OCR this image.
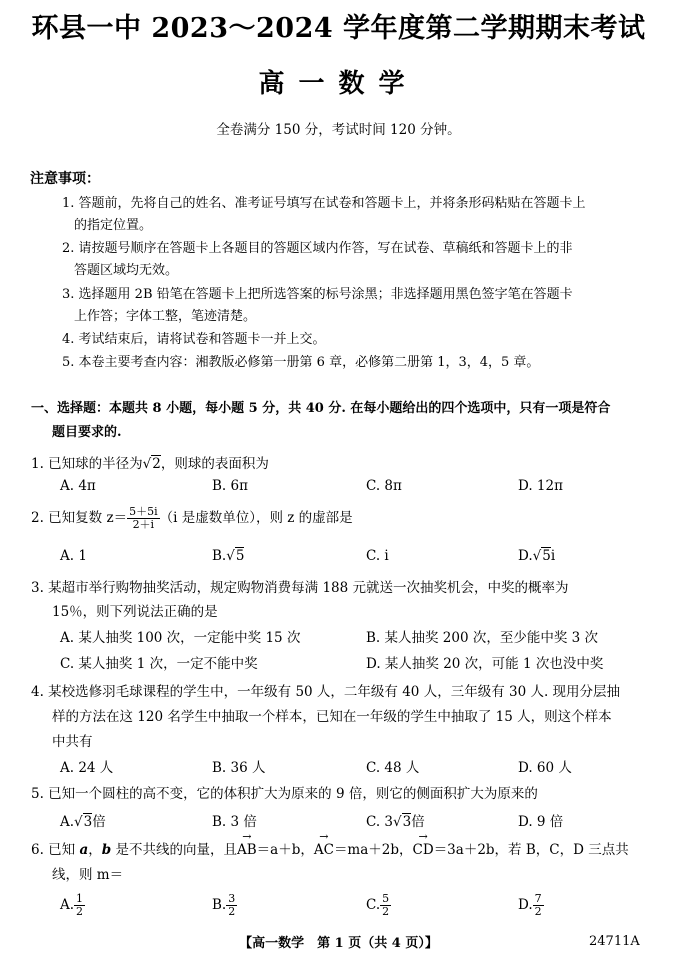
环县一中 2023～2024 学年度第二学期期末考试
高一数学
全卷满分 150 分，考试时间 120 分钟。
注意事项：
1. 答题前，先将自己的姓名、准考证号填写在试卷和答题卡上，并将条形码粘贴在答题卡上
的指定位置。
2. 请按题号顺序在答题卡上各题目的答题区域内作答，写在试卷、草稿纸和答题卡上的非
答题区域均无效。
3. 选择题用 2B 铅笔在答题卡上把所选答案的标号涂黑；非选择题用黑色签字笔在答题卡
上作答；字体工整，笔迹清楚。
4. 考试结束后，请将试卷和答题卡一并上交。
5. 本卷主要考查内容：湘教版必修第一册第 6 章，必修第二册第 1，3，4，5 章。
一、选择题：本题共 8 小题，每小题 5 分，共 40 分. 在每小题给出的四个选项中，只有一项是符合
题目要求的.
1. 已知球的半径为√2，则球的表面积为
A. 4π	B. 6π	C. 8π	D. 12π
2. 已知复数 $z= \frac{5+5i}{2+i} (i$ 是虚数单位），则 z 的虚部是
A. 1	B.√5	C. i	D.√5i
3. 某超市举行购物抽奖活动，规定购物消费每满 188 元就送一次抽奖机会，中奖的概率为
15％，则下列说法正确的是
A. 某人抽奖 100 次，一定能中奖 15 次	B. 某人抽奖 200 次，至少能中奖 3 次
C. 某人抽奖 1 次，一定不能中奖	D. 某人抽奖 20 次，可能 1 次也没中奖
4. 某校选修羽毛球课程的学生中，一年级有 50 人，二年级有 40 人，三年级有 30 人. 现用分层抽
样的方法在这 120 名学生中抽取一个样本，已知在一年级的学生中抽取了 15 人，则这个样本
中共有
A. 24 人	B. 36 人	C. 48 人	D. 60 人
5. 已知一个圆柱的高不变，它的体积扩大为原来的 9 倍，则它的侧面积扩大为原来的
A.√3倍	B. 3 倍	C. 3√3倍	D. 9 倍
6. 已知 a，b 是不共线的向量，且→ AB＝a＋b，→ AC＝ma＋2b，→ CD＝3a＋2b，若 B，C，D 三点共
线，则 m＝
A. $\frac{1}{2}$	B. $\frac{3}{2}$	C. $\frac{5}{2}$	D. $\frac{7}{2}$
【高一数学　第 1 页（共 4 页）】	24711A
